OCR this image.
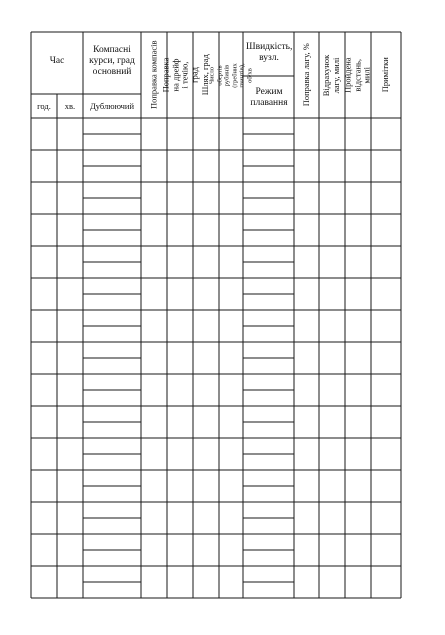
Час
год.	хв.
Компасні курси, град основний
Дублюючий	Поправка компасів Поправка на дрейф і течію, град Шлях, град
Число обертів рубинів (гребних гвинтів), об/хв
Швидкість, вузл.
Режим плавання Поправка лагу, % Відрахунок лагу, милі Пройдена відстань, милі Примітки
